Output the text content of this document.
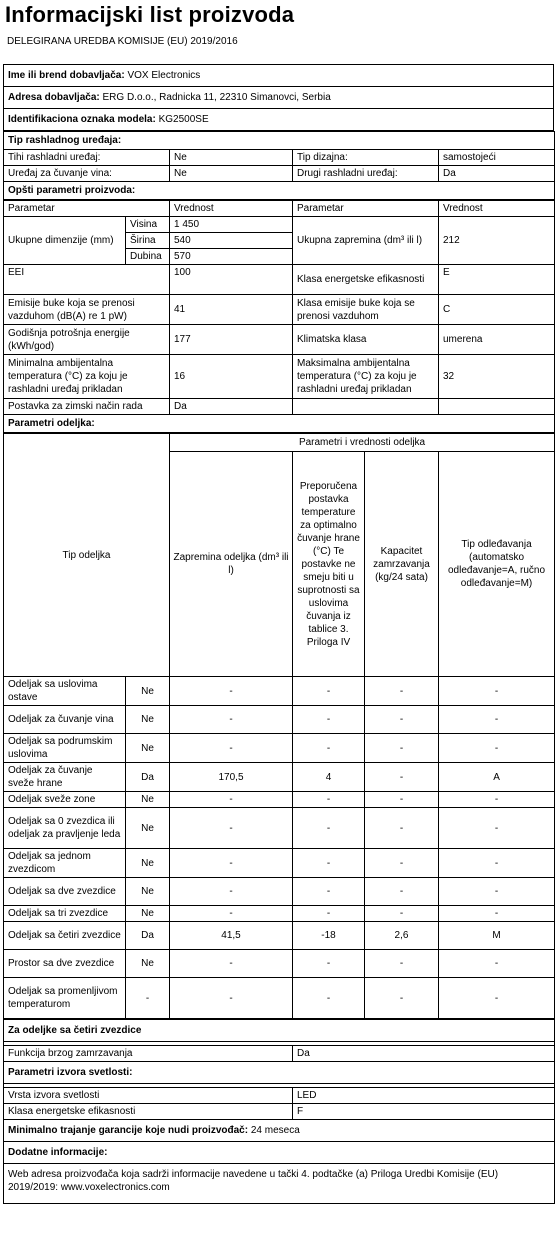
Informacijski list proizvoda
DELEGIRANA UREDBA KOMISIJE (EU) 2019/2016
Ime ili brend dobavljača: VOX Electronics
Adresa dobavljača: ERG D.o.o., Radnicka 11, 22310 Simanovci, Serbia
Identifikaciona oznaka modela: KG2500SE
Tip rashladnog uređaja:			
Tihi rashladni uređaj:	Ne	Tip dizajna:	samostojeći
Uređaj za čuvanje vina:	Ne	Drugi rashladni uređaj:	Da
Opšti parametri proizvoda:			
Parametar		Vrednost	Parametar	Vrednost
Ukupne dimenzije (mm)	Visina	1 450	Ukupna zapremina (dm³ ili l)	212
	Širina	540		
	Dubina	570		
EEI		100	Klasa energetske efikasnosti	E
Emisije buke koja se prenosi vazduhom (dB(A) re 1 pW)		41	Klasa emisije buke koja se prenosi vazduhom	C
Godišnja potrošnja energije (kWh/god)		177	Klimatska klasa	umerena
Minimalna ambijentalna temperatura (°C) za koju je rashladni uređaj prikladan		16	Maksimalna ambijentalna temperatura (°C) za koju je rashladni uređaj prikladan	32
Postavka za zimski način rada		Da		
Parametri odeljka:				
Tip odeljka		Parametri i vrednosti odeljka			
		Zapremina odeljka (dm³ ili l)	Preporučena postavka temperature za optimalno čuvanje hrane (°C) Te postavke ne smeju biti u suprotnosti sa uslovima čuvanja iz tablice 3. Priloga IV	Kapacitet zamrzavanja (kg/24 sata)	Tip odleđavanja (automatsko odleđavanje=A, ručno odleđavanje=M)
Odeljak sa uslovima ostave	Ne	-	-	-	-
Odeljak za čuvanje vina	Ne	-	-	-	-
Odeljak sa podrumskim uslovima	Ne	-	-	-	-
Odeljak za čuvanje sveže hrane	Da	170,5	4	-	A
Odeljak sveže zone	Ne	-	-	-	-
Odeljak sa 0 zvezdica ili odeljak za pravljenje leda	Ne	-	-	-	-
Odeljak sa jednom zvezdicom	Ne	-	-	-	-
Odeljak sa dve zvezdice	Ne	-	-	-	-
Odeljak sa tri zvezdice	Ne	-	-	-	-
Odeljak sa četiri zvezdice	Da	41,5	-18	2,6	M
Prostor sa dve zvezdice	Ne	-	-	-	-
Odeljak sa promenljivom temperaturom	-	-	-	-	-
Za odeljke sa četiri zvezdice	

Funkcija brzog zamrzavanja	Da
Parametri izvora svetlosti:	

Vrsta izvora svetlosti	LED
Klasa energetske efikasnosti	F
Minimalno trajanje garancije koje nudi proizvođač: 24 meseca	
Dodatne informacije:	
Web adresa proizvođača koja sadrži informacije navedene u tački 4. podtačke (a) Priloga Uredbi Komisije (EU) 2019/2019: www.voxelectronics.com	
